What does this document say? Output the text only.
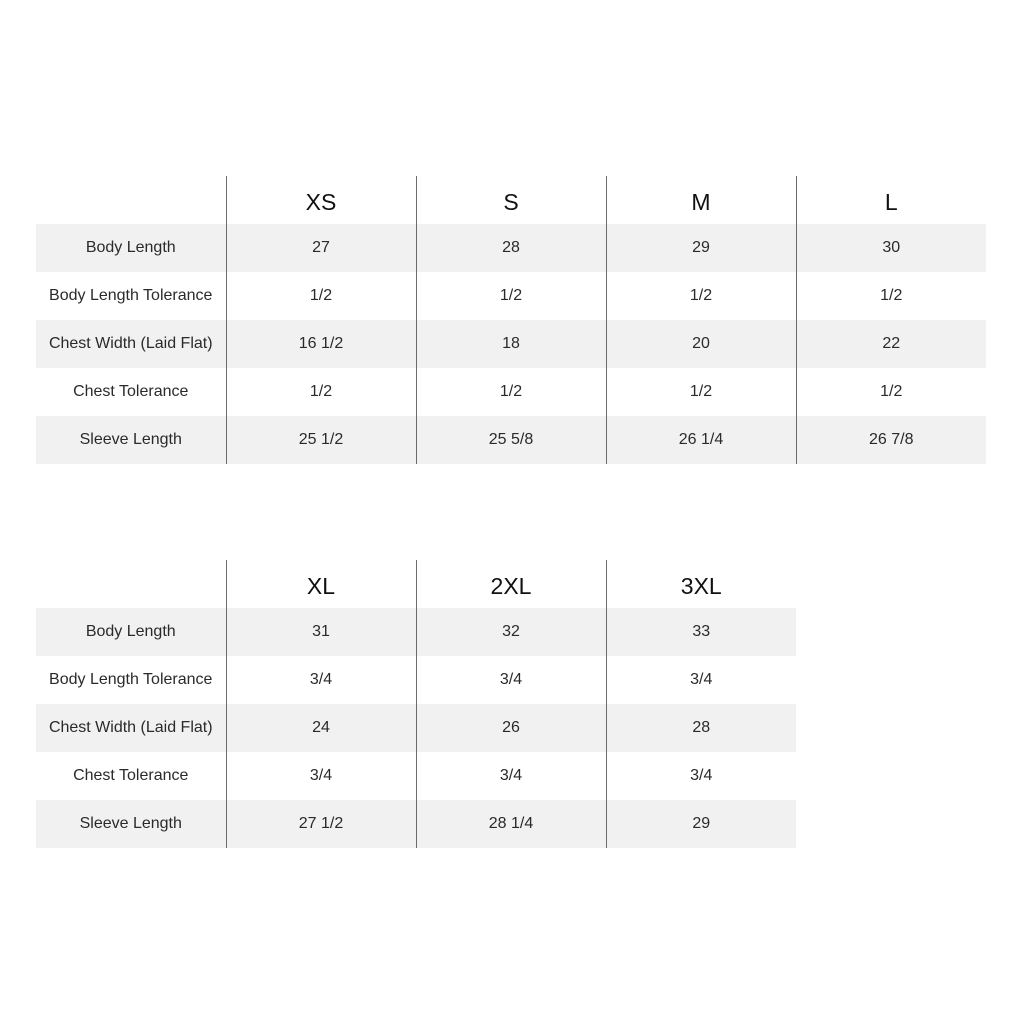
	XS	S	M	L
Body Length	27	28	29	30
Body Length Tolerance	1/2	1/2	1/2	1/2
Chest Width (Laid Flat)	16 1/2	18	20	22
Chest Tolerance	1/2	1/2	1/2	1/2
Sleeve Length	25 1/2	25 5/8	26 1/4	26 7/8
	XL	2XL	3XL
Body Length	31	32	33
Body Length Tolerance	3/4	3/4	3/4
Chest Width (Laid Flat)	24	26	28
Chest Tolerance	3/4	3/4	3/4
Sleeve Length	27 1/2	28 1/4	29
